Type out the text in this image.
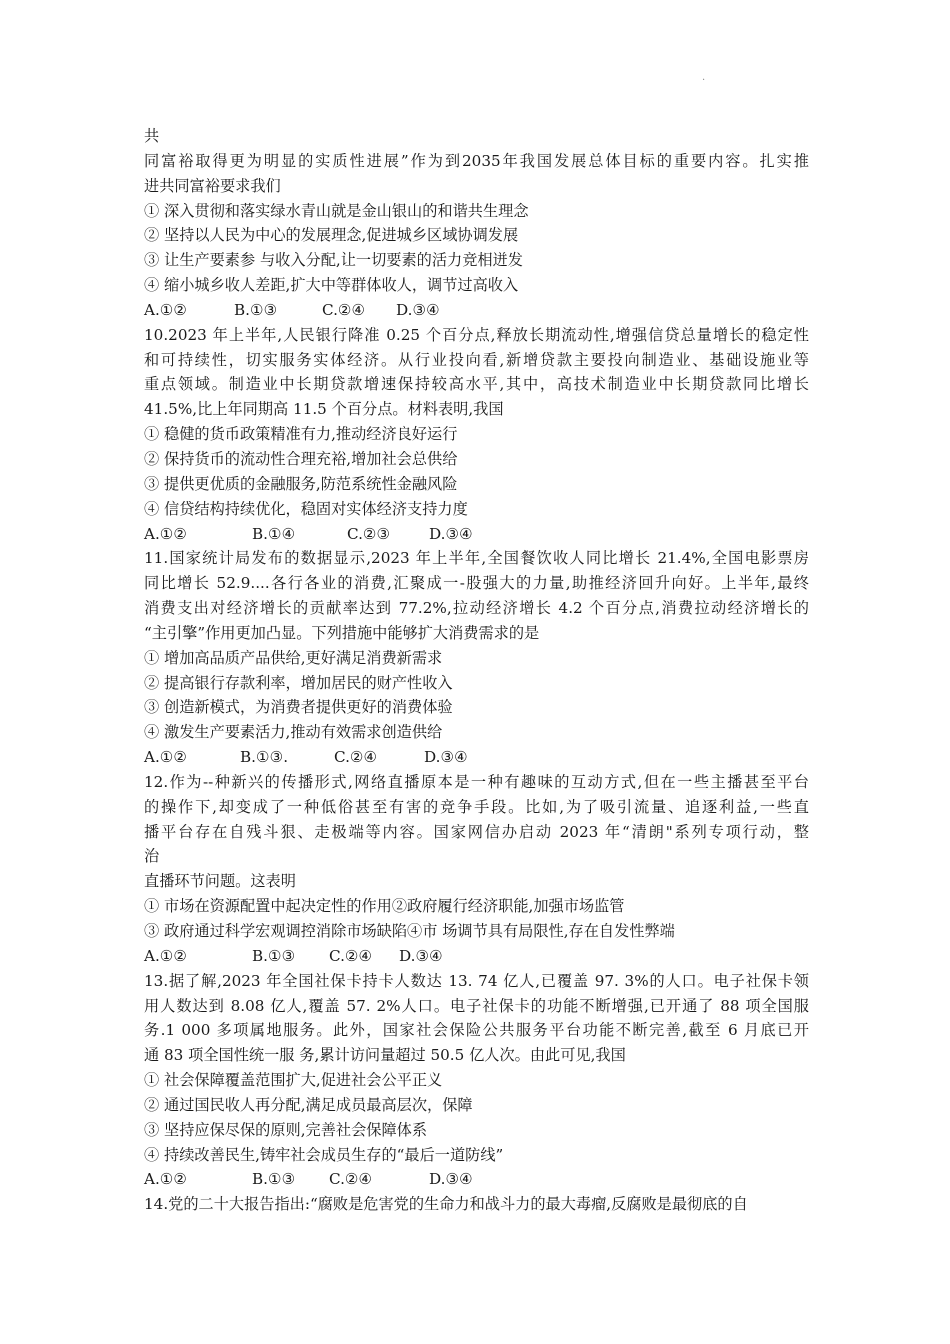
.
共
同富裕取得更为明显的实质性进展”作为到2035年我国发展总体目标的重要内容。扎实推
进共同富裕要求我们
① 深入贯彻和落实绿水青山就是金山银山的和谐共生理念
② 坚持以人民为中心的发展理念,促进城乡区域协调发展
③ 让生产要素参 与收入分配,让一切要素的活力竞相迸发
④ 缩小城乡收人差距,扩大中等群体收人，调节过高收入
A.①②	B.①③	C.②④ D.③④
10.2023 年上半年,人民银行降准 0.25 个百分点,释放长期流动性,增强信贷总量增长的稳定性
和可持续性，切实服务实体经济。从行业投向看,新增贷款主要投向制造业、基础设施业等
重点领域。制造业中长期贷款增速保持较高水平,其中，高技术制造业中长期贷款同比增长
41.5%,比上年同期高 11.5 个百分点。材料表明,我国
① 稳健的货币政策精准有力,推动经济良好运行
② 保持货币的流动性合理充裕,增加社会总供给
③ 提供更优质的金融服务,防范系统性金融风险
④ 信贷结构持续优化，稳固对实体经济支持力度
A.①②	B.①④	C.②③	D.③④
11.国家统计局发布的数据显示,2023 年上半年,全国餐饮收人同比增长 21.4%,全国电影票房
同比增长 52.9....各行各业的消费,汇聚成一-股强大的力量,助推经济回升向好。上半年,最终
消费支出对经济增长的贡献率达到 77.2%,拉动经济增长 4.2 个百分点,消费拉动经济增长的
“主引擎”作用更加凸显。下列措施中能够扩大消费需求的是
① 增加高品质产品供给,更好满足消费新需求
② 提高银行存款利率，增加居民的财产性收入
③ 创造新模式，为消费者提供更好的消费体验
④ 激发生产要素活力,推动有效需求创造供给
A.①②	B.①③.	C.②④	D.③④
12.作为--种新兴的传播形式,网络直播原本是一种有趣味的互动方式,但在一些主播甚至平台
的操作下,却变成了一种低俗甚至有害的竞争手段。比如,为了吸引流量、追逐利益,一些直
播平台存在自残斗狠、走极端等内容。国家网信办启动 2023 年“清朗"系列专项行动，整
治
直播环节问题。这表明
① 市场在资源配置中起决定性的作用②政府履行经济职能,加强市场监管
③ 政府通过科学宏观调控消除市场缺陷④市 场调节具有局限性,存在自发性弊端
A.①②	B.①③ C.②④ D.③④
13.据了解,2023 年全国社保卡持卡人数达 13. 74 亿人,已覆盖 97. 3%的人口。电子社保卡领
用人数达到 8.08 亿人,覆盖 57. 2%人口。电子社保卡的功能不断增强,已开通了 88 项全国服
务.1 000 多项属地服务。此外，国家社会保险公共服务平台功能不断完善,截至 6 月底已开
通 83 项全国性统一服 务,累计访问量超过 50.5 亿人次。由此可见,我国
① 社会保障覆盖范围扩大,促进社会公平正义
② 通过国民收人再分配,满足成员最高层次，保障
③ 坚持应保尽保的原则,完善社会保障体系
④ 持续改善民生,铸牢社会成员生存的“最后一道防线”
A.①②	B.①③ C.②④	D.③④
14.党的二十大报告指出:“腐败是危害党的生命力和战斗力的最大毒瘤,反腐败是最彻底的自
